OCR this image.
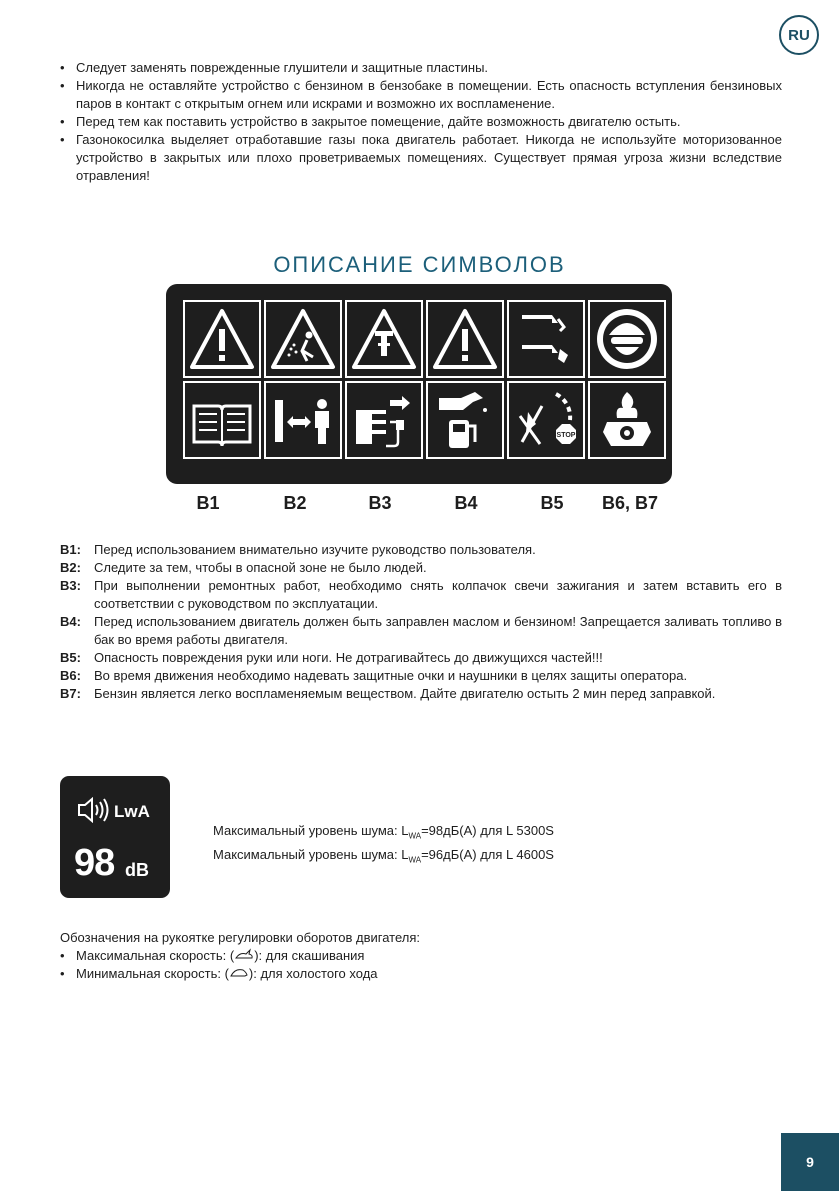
RU
• Следует заменять поврежденные глушители и защитные пластины.
• Никогда не оставляйте устройство с бензином в бензобаке в помещении. Есть опасность вступления бензиновых паров в контакт с открытым огнем или искрами и возможно их воспламенение.
• Перед тем как поставить устройство в закрытое помещение, дайте возможность двигателю остыть.
• Газонокосилка выделяет отработавшие газы пока двигатель работает. Никогда не используйте моторизованное устройство в закрытых или плохо проветриваемых помещениях. Существует прямая угроза жизни вследствие отравления!
ОПИСАНИЕ СИМВОЛОВ
STOP
B1	B2	B3	B4	B5	B6, B7
B1:	Перед использованием внимательно изучите руководство пользователя.
B2:	Следите за тем, чтобы в опасной зоне не было людей.
B3:	При выполнении ремонтных работ, необходимо снять колпачок свечи зажигания и затем вставить его в соответствии с руководством по эксплуатации.
B4:	Перед использованием двигатель должен быть заправлен маслом и бензином! Запрещается заливать топливо в бак во время работы двигателя.
B5:	Опасность повреждения руки или ноги. Не дотрагивайтесь до движущихся частей!!!
B6:	Во время движения необходимо надевать защитные очки и наушники в целях защиты оператора.
B7:	Бензин является легко воспламеняемым веществом. Дайте двигателю остыть 2 мин перед заправкой.
LwA
98 dB
Максимальный уровень шума: $L_{WA}=98дБ(А)$ для L 5300S
Максимальный уровень шума: $L_{WA}=96дБ(А)$ для L 4600S
Обозначения на рукоятке регулировки оборотов двигателя:
• Максимальная скорость: ( ): для скашивания
• Минимальная скорость: ( ): для холостого хода
9
